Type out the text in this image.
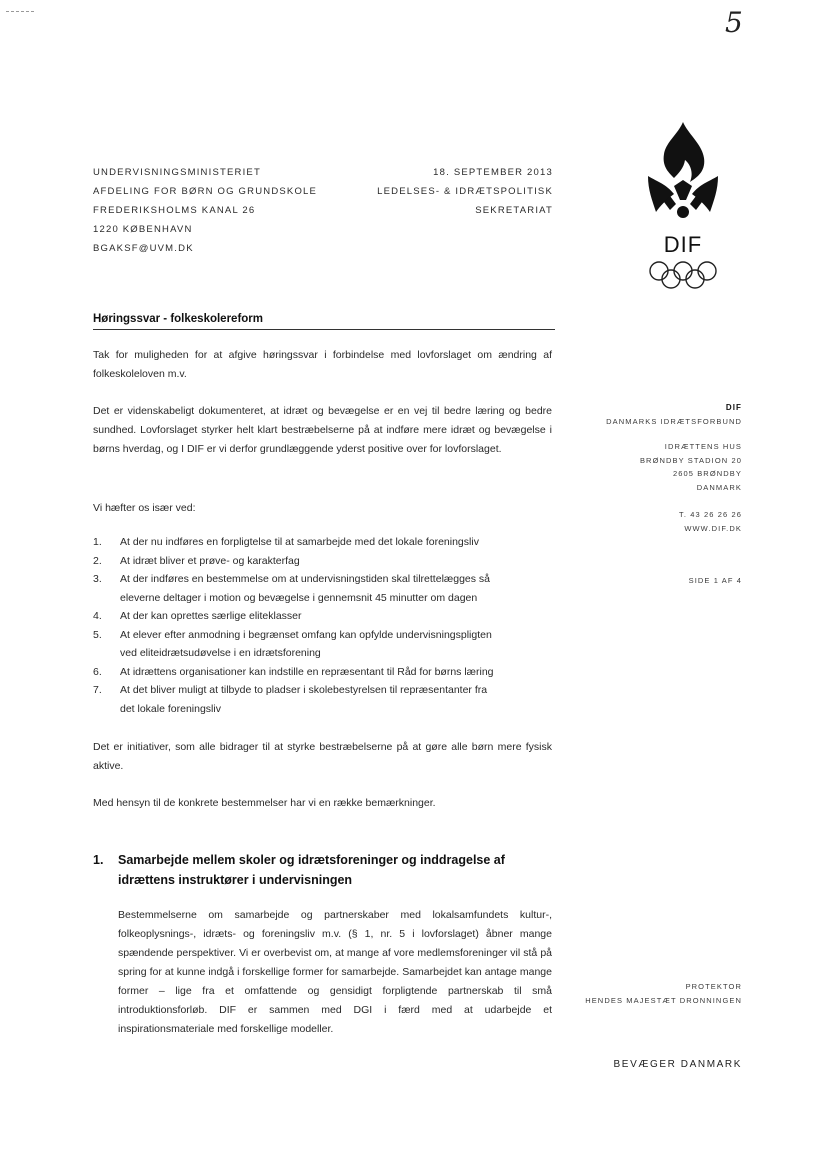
5
UNDERVISNINGSMINISTERIET
AFDELING FOR BØRN OG GRUNDSKOLE
FREDERIKSHOLMS KANAL 26
1220 KØBENHAVN
BGAKSF@UVM.DK
18. SEPTEMBER 2013
LEDELSES- & IDRÆTSPOLITISK
SEKRETARIAT
DIF
Høringssvar - folkeskolereform
Tak for muligheden for at afgive høringssvar i forbindelse med lovforslaget om ændring af folkeskoleloven m.v.
Det er videnskabeligt dokumenteret, at idræt og bevægelse er en vej til bedre læring og bedre sundhed. Lovforslaget styrker helt klart bestræbelserne på at indføre mere idræt og bevægelse i børns hverdag, og I DIF er vi derfor grundlæggende yderst positive over for lovforslaget.
Vi hæfter os især ved:
1. At der nu indføres en forpligtelse til at samarbejde med det lokale foreningsliv
2. At idræt bliver et prøve- og karakterfag
3. At der indføres en bestemmelse om at undervisningstiden skal tilrettelægges så
eleverne deltager i motion og bevægelse i gennemsnit 45 minutter om dagen
4. At der kan oprettes særlige eliteklasser
5. At elever efter anmodning i begrænset omfang kan opfylde undervisningspligten
ved eliteidrætsudøvelse i en idrætsforening
6. At idrættens organisationer kan indstille en repræsentant til Råd for børns læring
7. At det bliver muligt at tilbyde to pladser i skolebestyrelsen til repræsentanter fra
det lokale foreningsliv
Det er initiativer, som alle bidrager til at styrke bestræbelserne på at gøre alle børn mere fysisk aktive.
Med hensyn til de konkrete bestemmelser har vi en række bemærkninger.
1. Samarbejde mellem skoler og idrætsforeninger og inddragelse af
idrættens instruktører i undervisningen
Bestemmelserne om samarbejde og partnerskaber med lokalsamfundets kultur-, folkeoplysnings-, idræts- og foreningsliv m.v. (§ 1, nr. 5 i lovforslaget) åbner mange spændende perspektiver. Vi er overbevist om, at mange af vore medlemsforeninger vil stå på spring for at kunne indgå i forskellige former for samarbejde. Samarbejdet kan antage mange former – lige fra et omfattende og gensidigt forpligtende partnerskab til små introduktionsforløb. DIF er sammen med DGI i færd med at udarbejde et inspirationsmateriale med forskellige modeller.
DIF
DANMARKS IDRÆTSFORBUND
IDRÆTTENS HUS
BRØNDBY STADION 20
2605 BRØNDBY
DANMARK
T. 43 26 26 26
WWW.DIF.DK
SIDE 1 AF 4
PROTEKTOR
HENDES MAJESTÆT DRONNINGEN
BEVÆGER DANMARK
